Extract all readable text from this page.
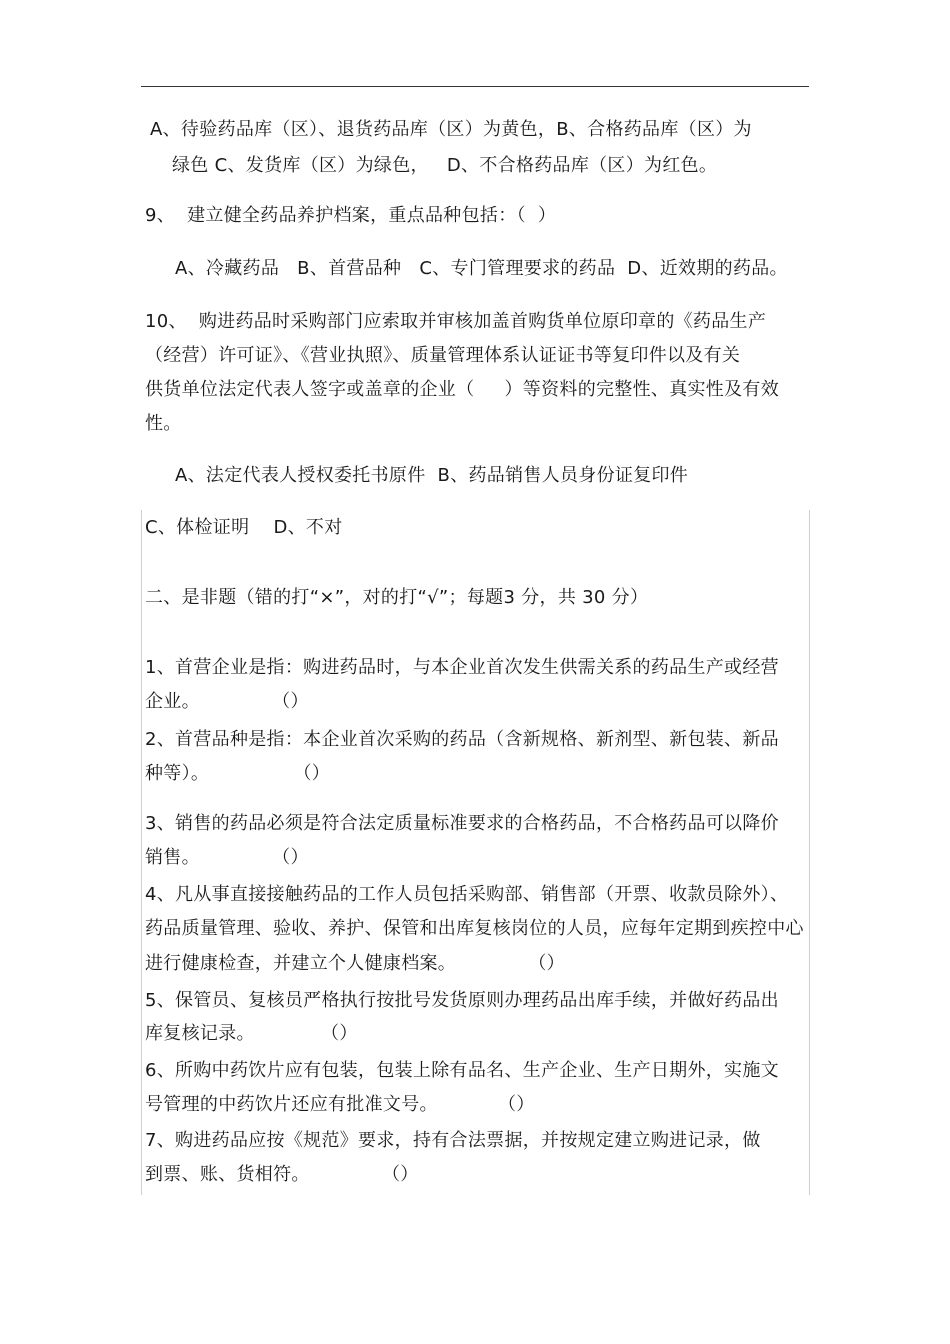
A、待验药品库（区）、退货药品库（区）为黄色，B、合格药品库（区）为
绿色 C、发货库（区）为绿色，   D、不合格药品库（区）为红色。
9、  建立健全药品养护档案，重点品种包括：（  ）
A、冷藏药品   B、首营品种   C、专门管理要求的药品  D、近效期的药品。
10、  购进药品时采购部门应索取并审核加盖首购货单位原印章的《药品生产
（经营）许可证》、《营业执照》、质量管理体系认证证书等复印件以及有关
供货单位法定代表人签字或盖章的企业（     ）等资料的完整性、真实性及有效
性。
A、法定代表人授权委托书原件  B、药品销售人员身份证复印件
C、体检证明    D、不对
二、是非题（错的打“×”，对的打“√”；每题3 分，共 30 分）
1、首营企业是指：购进药品时，与本企业首次发生供需关系的药品生产或经营
企业。            （）
2、首营品种是指：本企业首次采购的药品（含新规格、新剂型、新包装、新品
种等）。              （）
3、销售的药品必须是符合法定质量标准要求的合格药品，不合格药品可以降价
销售。            （）
4、凡从事直接接触药品的工作人员包括采购部、销售部（开票、收款员除外）、
药品质量管理、验收、养护、保管和出库复核岗位的人员，应每年定期到疾控中心
进行健康检查，并建立个人健康档案。            （）
5、保管员、复核员严格执行按批号发货原则办理药品出库手续，并做好药品出
库复核记录。           （）
6、所购中药饮片应有包装，包装上除有品名、生产企业、生产日期外，实施文
号管理的中药饮片还应有批准文号。          （）
7、购进药品应按《规范》要求，持有合法票据，并按规定建立购进记录，做
到票、账、货相符。            （）
